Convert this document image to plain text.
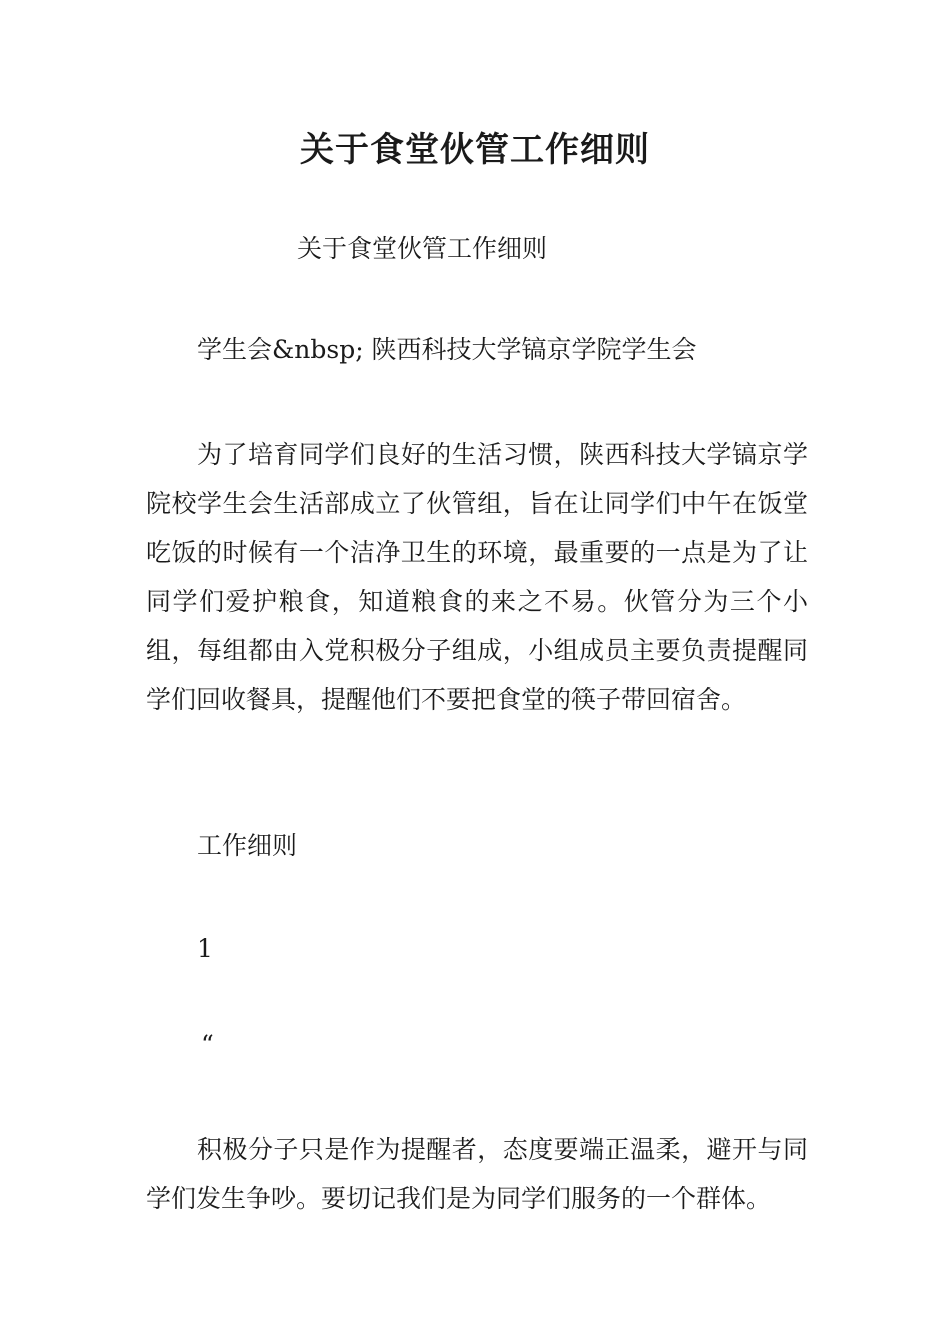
关于食堂伙管工作细则

关于食堂伙管工作细则

学生会&nbsp; 陕西科技大学镐京学院学生会

为了培育同学们良好的生活习惯，陕西科技大学镐京学院校学生会生活部成立了伙管组，旨在让同学们中午在饭堂吃饭的时候有一个洁净卫生的环境，最重要的一点是为了让同学们爱护粮食，知道粮食的来之不易。伙管分为三个小组，每组都由入党积极分子组成，小组成员主要负责提醒同学们回收餐具，提醒他们不要把食堂的筷子带回宿舍。

工作细则

1

“

积极分子只是作为提醒者，态度要端正温柔，避开与同学们发生争吵。要切记我们是为同学们服务的一个群体。
